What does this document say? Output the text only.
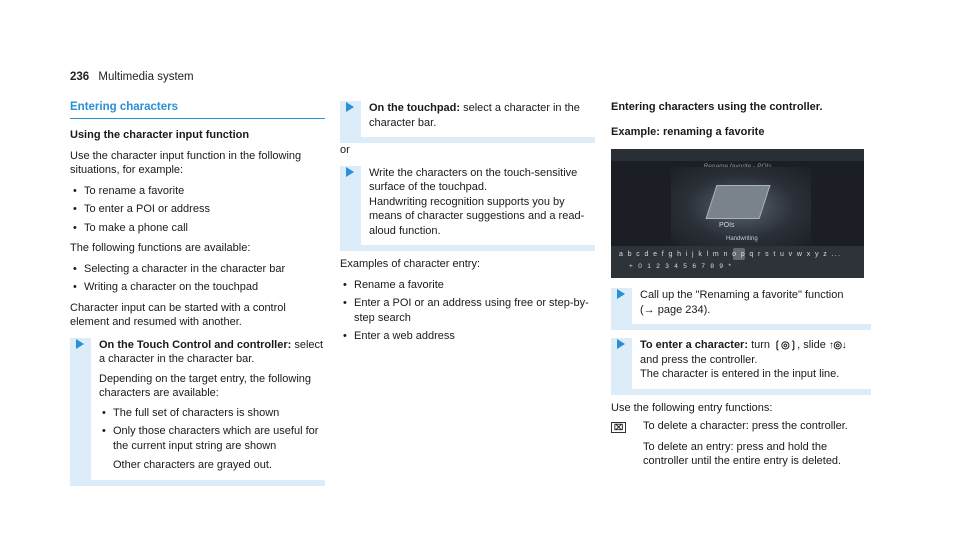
236 Multimedia system
Entering characters
Using the character input function

Use the character input function in the following situations, for example:

• To rename a favorite
• To enter a POI or address
• To make a phone call

The following functions are available:

• Selecting a character in the character bar
• Writing a character on the touchpad

Character input can be started with a control element and resumed with another.

On the Touch Control and controller: select a character in the character bar.

Depending on the target entry, the following characters are available:

• The full set of characters is shown
• Only those characters which are useful for the current input string are shown

Other characters are grayed out.

On the touchpad: select a character in the character bar.

or

Write the characters on the touch-sensitive surface of the touchpad.

Handwriting recognition supports you by means of character suggestions and a read-aloud function.

Examples of character entry:

• Rename a favorite
• Enter a POI or an address using free or step-by-step search
• Enter a web address
Entering characters using the controller.
Example: renaming a favorite
POIs
Handwriting
a b c d e f g h i j k l m n o p q r s t u v w x y z ...
+ 0 1 2 3 4 5 6 7 8 9 *

Call up the "Renaming a favorite" function

(→ page 234).

To enter a character: turn ❲◎❳, slide ↑◎↓

and press the controller.

The character is entered in the input line.

Use the following entry functions:

⌧	To delete a character: press the controller.

To delete an entry: press and hold the controller until the entire entry is deleted.
